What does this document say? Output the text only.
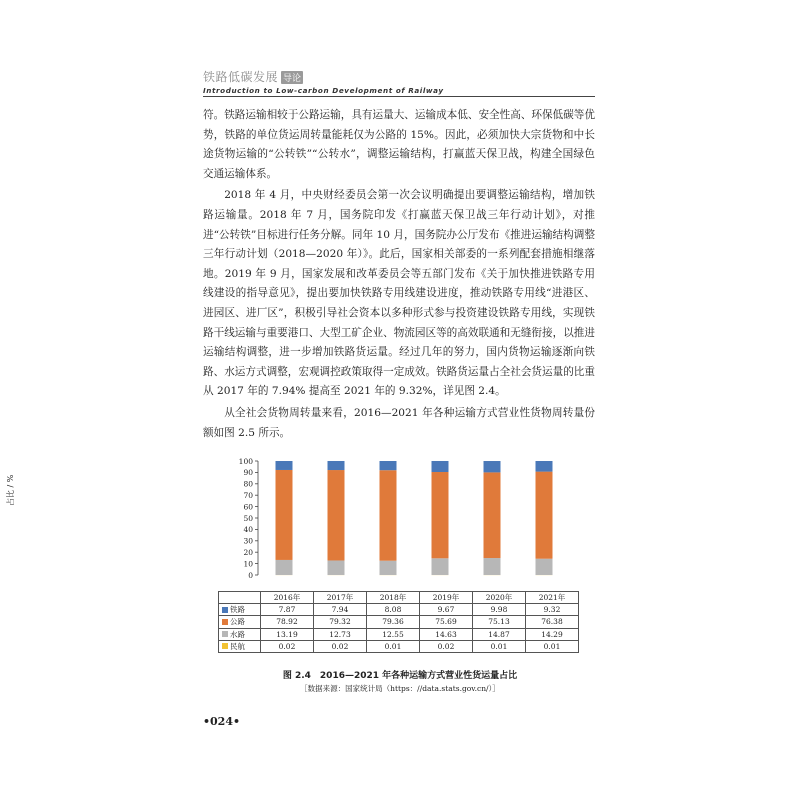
铁路低碳发展 导论
Introduction to Low-carbon Development of Railway

符。铁路运输相较于公路运输，具有运量大、运输成本低、安全性高、环保低碳等优势，铁路的单位货运周转量能耗仅为公路的 15%。因此，必须加快大宗货物和中长途货物运输的“公转铁”“公转水”，调整运输结构，打赢蓝天保卫战，构建全国绿色交通运输体系。

2018 年 4 月，中央财经委员会第一次会议明确提出要调整运输结构，增加铁路运输量。2018 年 7 月，国务院印发《打赢蓝天保卫战三年行动计划》，对推进“公转铁”目标进行任务分解。同年 10 月，国务院办公厅发布《推进运输结构调整三年行动计划（2018—2020 年）》。此后，国家相关部委的一系列配套措施相继落地。2019 年 9 月，国家发展和改革委员会等五部门发布《关于加快推进铁路专用线建设的指导意见》，提出要加快铁路专用线建设进度，推动铁路专用线“进港区、进园区、进厂区”，积极引导社会资本以多种形式参与投资建设铁路专用线，实现铁路干线运输与重要港口、大型工矿企业、物流园区等的高效联通和无缝衔接，以推进运输结构调整，进一步增加铁路货运量。经过几年的努力，国内货物运输逐渐向铁路、水运方式调整，宏观调控政策取得一定成效。铁路货运量占全社会货运量的比重从 2017 年的 7.94% 提高至 2021 年的 9.32%，详见图 2.4。

从全社会货物周转量来看，2016—2021 年各种运输方式营业性货物周转量份额如图 2.5 所示。

占比 / %
0
10
20
30
40
50
60
70
80
90
100
	2016年	2017年	2018年	2019年	2020年	2021年
铁路	7.87	7.94	8.08	9.67	9.98	9.32
公路	78.92	79.32	79.36	75.69	75.13	76.38
水路	13.19	12.73	12.55	14.63	14.87	14.29
民航	0.02	0.02	0.01	0.02	0.01	0.01
图 2.4　2016—2021 年各种运输方式营业性货运量占比
［数据来源：国家统计局（https：//data.stats.gov.cn/）］
•024•
